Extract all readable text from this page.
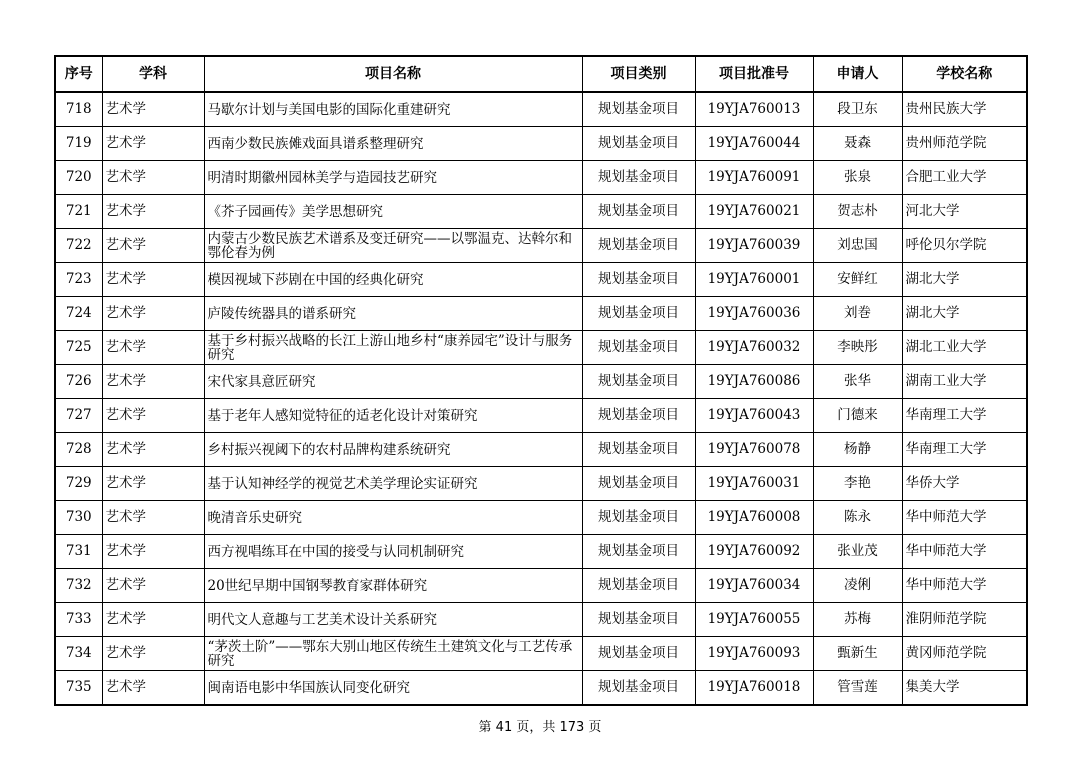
序号	学科	项目名称	项目类别	项目批准号	申请人	学校名称
718	艺术学	马歇尔计划与美国电影的国际化重建研究	规划基金项目	19YJA760013	段卫东	贵州民族大学
719	艺术学	西南少数民族傩戏面具谱系整理研究	规划基金项目	19YJA760044	聂森	贵州师范学院
720	艺术学	明清时期徽州园林美学与造园技艺研究	规划基金项目	19YJA760091	张泉	合肥工业大学
721	艺术学	《芥子园画传》美学思想研究	规划基金项目	19YJA760021	贺志朴	河北大学
722	艺术学	内蒙古少数民族艺术谱系及变迁研究——以鄂温克、达斡尔和鄂伦春为例	规划基金项目	19YJA760039	刘忠国	呼伦贝尔学院
723	艺术学	模因视域下莎剧在中国的经典化研究	规划基金项目	19YJA760001	安鲜红	湖北大学
724	艺术学	庐陵传统器具的谱系研究	规划基金项目	19YJA760036	刘巻	湖北大学
725	艺术学	基于乡村振兴战略的长江上游山地乡村“康养园宅”设计与服务研究	规划基金项目	19YJA760032	李映彤	湖北工业大学
726	艺术学	宋代家具意匠研究	规划基金项目	19YJA760086	张华	湖南工业大学
727	艺术学	基于老年人感知觉特征的适老化设计对策研究	规划基金项目	19YJA760043	门德来	华南理工大学
728	艺术学	乡村振兴视阈下的农村品牌构建系统研究	规划基金项目	19YJA760078	杨静	华南理工大学
729	艺术学	基于认知神经学的视觉艺术美学理论实证研究	规划基金项目	19YJA760031	李艳	华侨大学
730	艺术学	晚清音乐史研究	规划基金项目	19YJA760008	陈永	华中师范大学
731	艺术学	西方视唱练耳在中国的接受与认同机制研究	规划基金项目	19YJA760092	张业茂	华中师范大学
732	艺术学	20世纪早期中国钢琴教育家群体研究	规划基金项目	19YJA760034	凌俐	华中师范大学
733	艺术学	明代文人意趣与工艺美术设计关系研究	规划基金项目	19YJA760055	苏梅	淮阴师范学院
734	艺术学	“茅茨土阶”——鄂东大别山地区传统生土建筑文化与工艺传承研究	规划基金项目	19YJA760093	甄新生	黄冈师范学院
735	艺术学	闽南语电影中华国族认同变化研究	规划基金项目	19YJA760018	管雪莲	集美大学
第 41 页，共 173 页
